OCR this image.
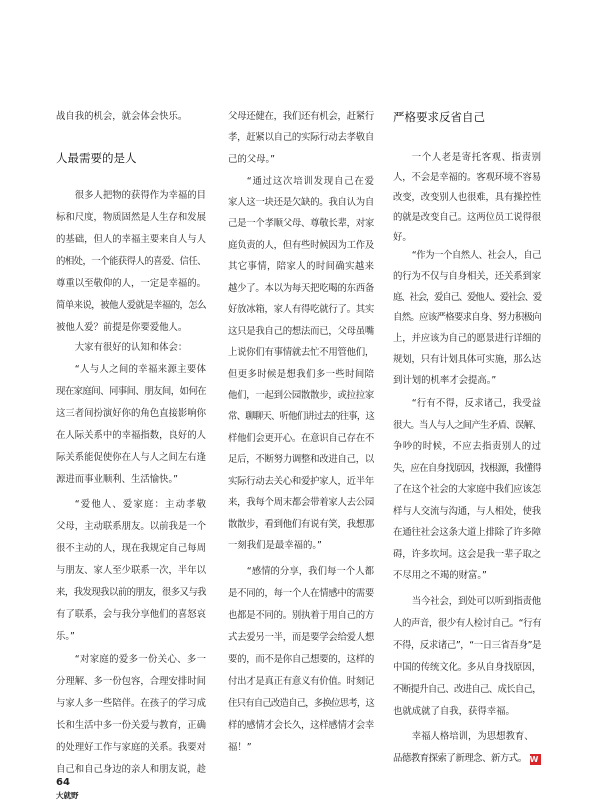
战自我的机会，就会体会快乐。
人最需要的是人
很多人把物的获得作为幸福的目
标和尺度，物质固然是人生存和发展
的基础，但人的幸福主要来自人与人
的相处，一个能获得人的喜爱、信任、
尊重以至敬仰的人，一定是幸福的。
简单来说，被他人爱就是幸福的，怎么
被他人爱？前提是你要爱他人。
大家有很好的认知和体会：
“人与人之间的幸福来源主要体
现在家庭间、同事间、朋友间，如何在
这三者间扮演好你的角色直接影响你
在人际关系中的幸福指数，良好的人
际关系能促使你在人与人之间左右逢
源进而事业顺利、生活愉快。”
“爱他人、爱家庭：主动孝敬
父母，主动联系朋友。以前我是一个
很不主动的人，现在我规定自己每周
与朋友、家人至少联系一次，半年以
来，我发现我以前的朋友，很多又与我
有了联系，会与我分享他们的喜怒哀
乐。”
“对家庭的爱多一份关心、多一
分理解、多一份包容，合理安排时间
与家人多一些陪伴。在孩子的学习成
长和生活中多一份关爱与教育，正确
的处理好工作与家庭的关系。我要对
自己和自己身边的亲人和朋友说，趁
父母还健在，我们还有机会，赶紧行
孝，赶紧以自己的实际行动去孝敬自
己的父母。”
“通过这次培训发现自己在爱
家人这一块还是欠缺的。我自认为自
己是一个孝顺父母、尊敬长辈，对家
庭负责的人，但有些时候因为工作及
其它事情，陪家人的时间确实越来
越少了。本以为每天把吃喝的东西备
好放冰箱，家人有得吃就行了。其实
这只是我自己的想法而已，父母虽嘴
上说你们有事情就去忙不用管他们，
但更多时候是想我们多一些时间陪
他们，一起到公园散散步，或拉拉家
常、聊聊天、听他们讲过去的往事，这
样他们会更开心。在意识自己存在不
足后，不断努力调整和改进自己，以
实际行动去关心和爱护家人，近半年
来，我每个周末都会带着家人去公园
散散步，看到他们有说有笑，我想那
一刻我们是最幸福的。”
“感情的分享，我们每一个人都
是不同的，每一个人在情感中的需要
也都是不同的。别执着于用自己的方
式去爱另一半，而是要学会给爱人想
要的，而不是你自己想要的，这样的
付出才是真正有意义有价值。时刻记
住只有自己改造自己，多换位思考，这
样的感情才会长久，这样感情才会幸
福！”
严格要求反省自己
一个人老是寄托客观、指责别
人，不会是幸福的。客观环境不容易
改变，改变别人也很难，具有操控性
的就是改变自己。这两位员工说得很
好。
“作为一个自然人、社会人，自己
的行为不仅与自身相关，还关系到家
庭、社会，爱自己、爱他人、爱社会、爱
自然。应该严格要求自身、努力积极向
上，并应该为自己的愿景进行详细的
规划，只有计划具体可实施，那么达
到计划的机率才会提高。”
“行有不得，反求诸己，我受益
很大。当人与人之间产生矛盾、误解、
争吵的时候，不应去指责别人的过
失，应在自身找原因，找根源，我懂得
了在这个社会的大家庭中我们应该怎
样与人交流与沟通，与人相处，使我
在通往社会这条大道上排除了许多障
碍，许多坎坷。这会是我一辈子取之
不尽用之不竭的财富。”
当今社会，到处可以听到指责他
人的声音，很少有人检讨自己。“行有
不得，反求诸己”，“一日三省吾身”是
中国的传统文化。多从自身找原因，
不断提升自己、改进自己、成长自己，
也就成就了自我，获得幸福。
幸福人格培训，为思想教育、
品德教育探索了新理念、新方式。 W
64
大就野
